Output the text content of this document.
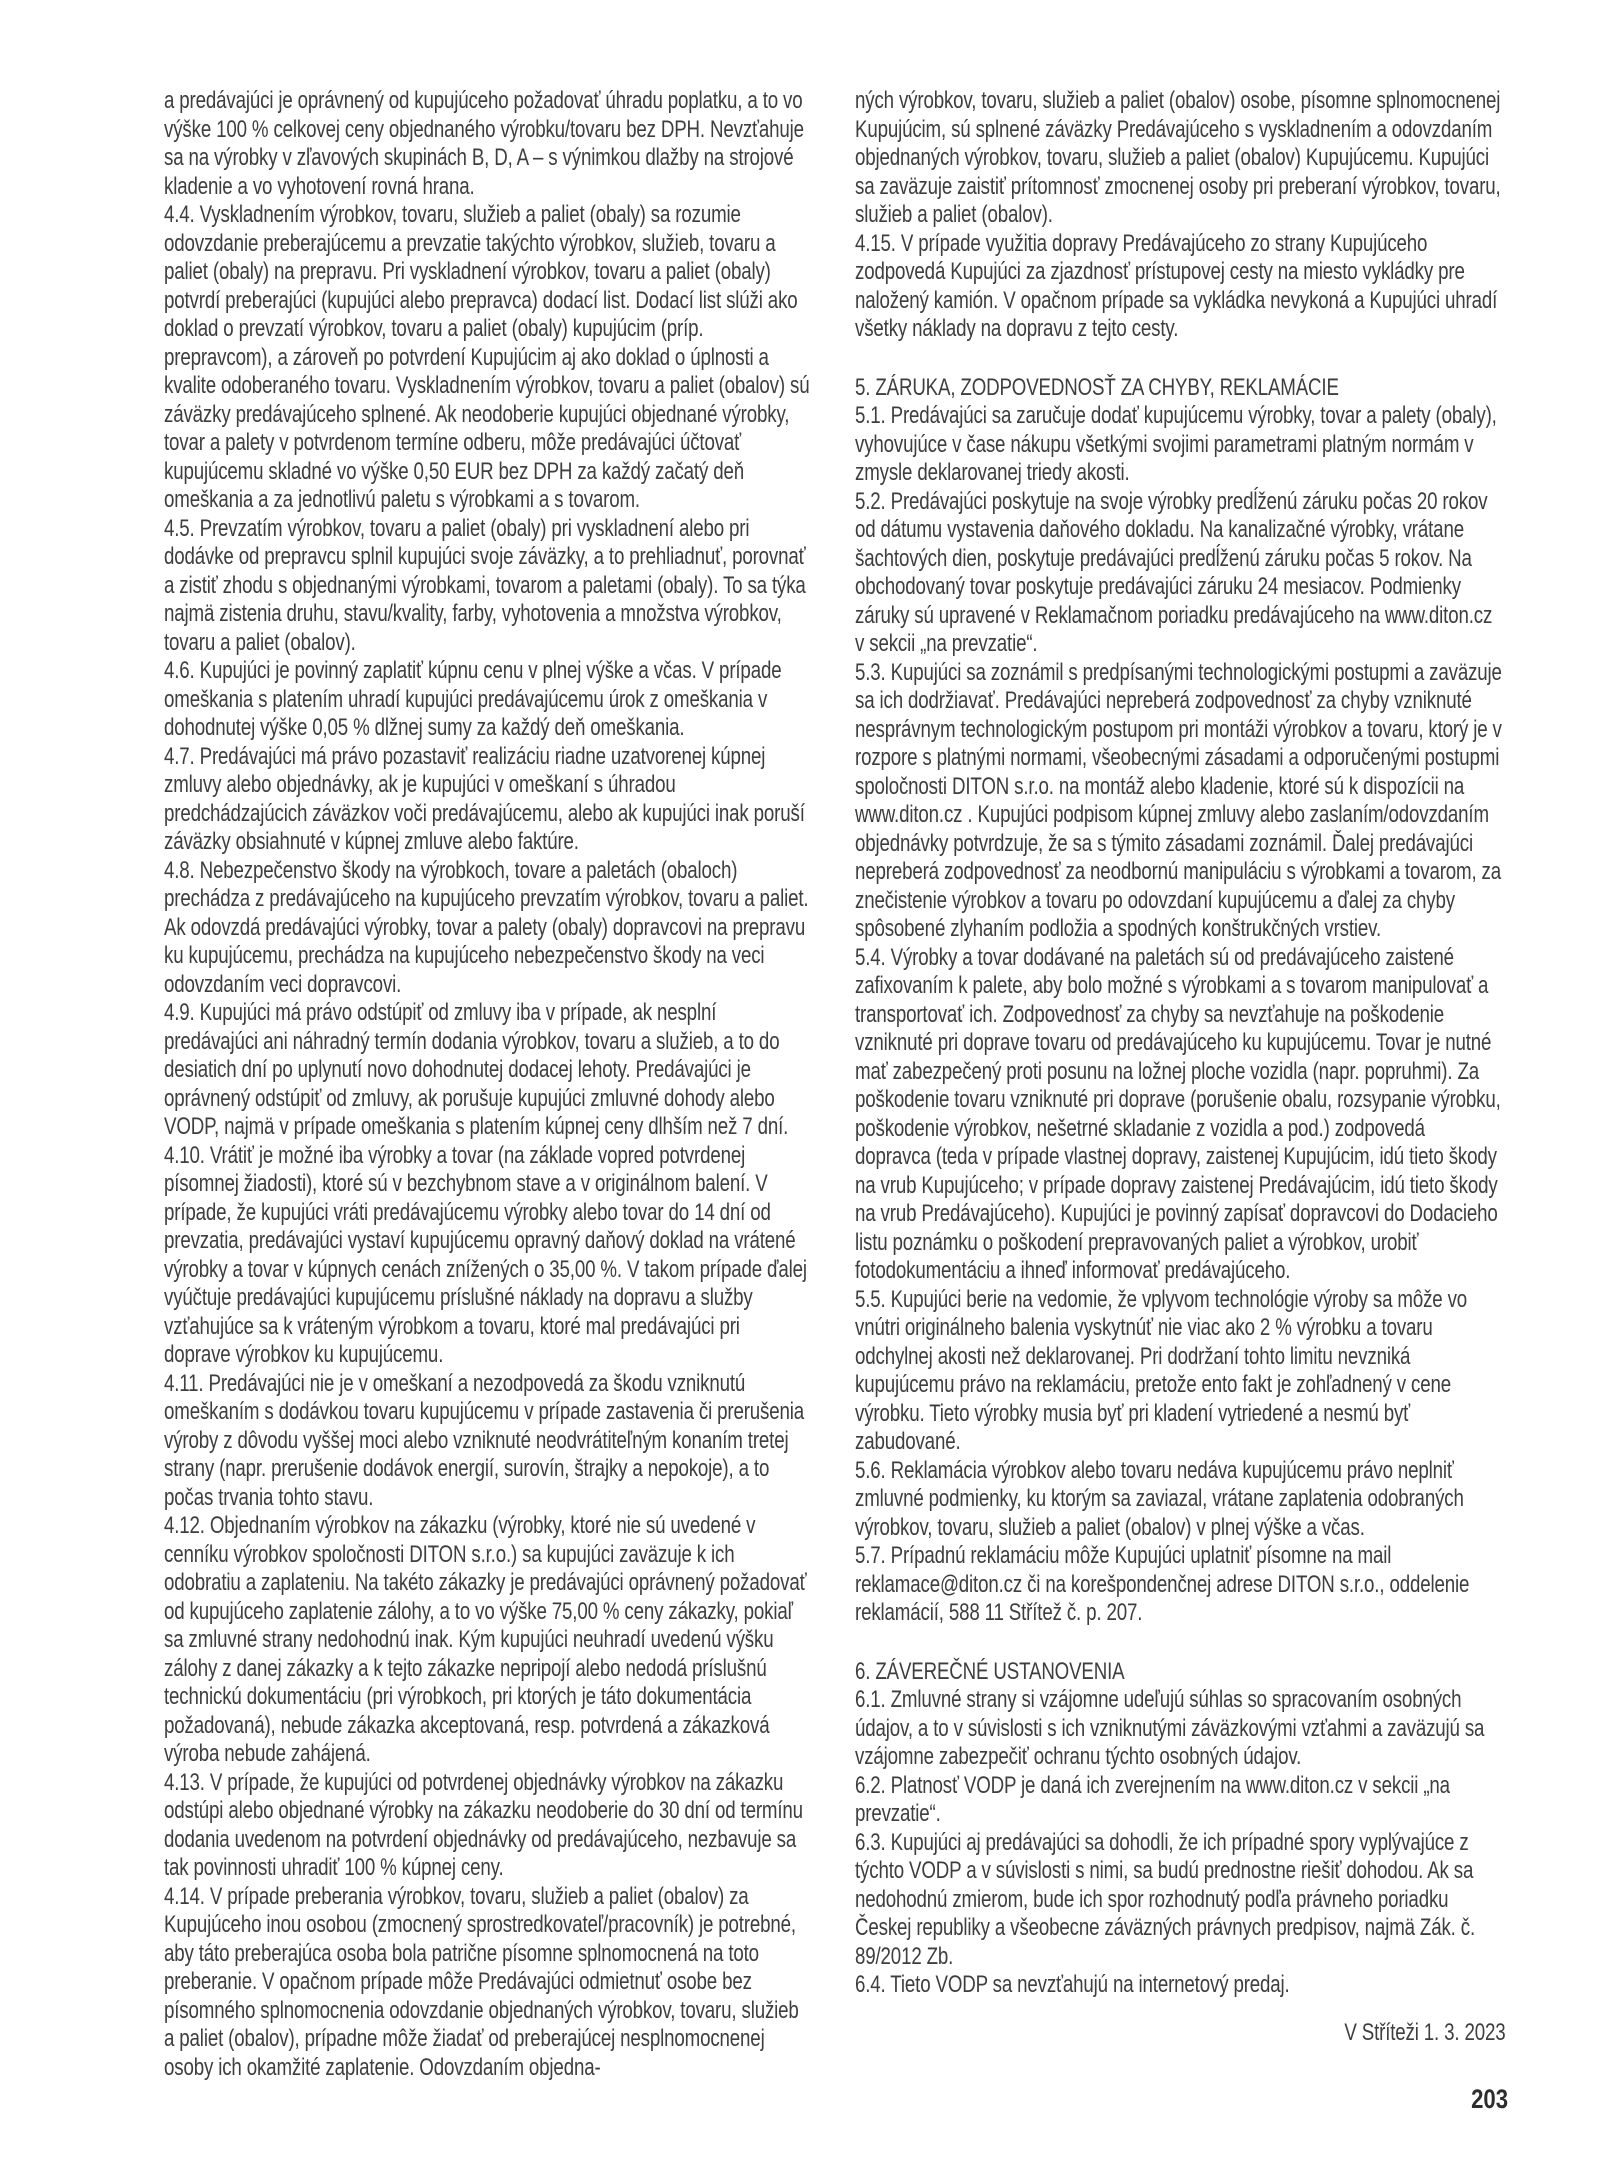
a predávajúci je oprávnený od kupujúceho požadovať úhradu poplatku, a to vo výške 100 % celkovej ceny objednaného výrobku/tovaru bez DPH. Nevzťahuje sa na výrobky v zľavových skupinách B, D, A – s výnimkou dlažby na strojové kladenie a vo vyhotovení rovná hrana.

4.4. Vyskladnením výrobkov, tovaru, služieb a paliet (obaly) sa rozumie odovzdanie preberajúcemu a prevzatie takýchto výrobkov, služieb, tovaru a paliet (obaly) na prepravu. Pri vyskladnení výrobkov, tovaru a paliet (obaly) potvrdí preberajúci (kupujúci alebo prepravca) dodací list. Dodací list slúži ako doklad o prevzatí výrobkov, tovaru a paliet (obaly) kupujúcim (príp. prepravcom), a zároveň po potvrdení Kupujúcim aj ako doklad o úplnosti a kvalite odoberaného tovaru. Vyskladnením výrobkov, tovaru a paliet (obalov) sú záväzky predávajúceho splnené. Ak neodoberie kupujúci objednané výrobky, tovar a palety v potvrdenom termíne odberu, môže predávajúci účtovať kupujúcemu skladné vo výške 0,50 EUR bez DPH za každý začatý deň omeškania a za jednotlivú paletu s výrobkami a s tovarom.

4.5. Prevzatím výrobkov, tovaru a paliet (obaly) pri vyskladnení alebo pri dodávke od prepravcu splnil kupujúci svoje záväzky, a to prehliadnuť, porovnať a zistiť zhodu s objednanými výrobkami, tovarom a paletami (obaly). To sa týka najmä zistenia druhu, stavu/kvality, farby, vyhotovenia a množstva výrobkov, tovaru a paliet (obalov).

4.6. Kupujúci je povinný zaplatiť kúpnu cenu v plnej výške a včas. V prípade omeškania s platením uhradí kupujúci predávajúcemu úrok z omeškania v dohodnutej výške 0,05 % dlžnej sumy za každý deň omeškania.

4.7. Predávajúci má právo pozastaviť realizáciu riadne uzatvorenej kúpnej zmluvy alebo objednávky, ak je kupujúci v omeškaní s úhradou predchádzajúcich záväzkov voči predávajúcemu, alebo ak kupujúci inak poruší záväzky obsiahnuté v kúpnej zmluve alebo faktúre.

4.8. Nebezpečenstvo škody na výrobkoch, tovare a paletách (obaloch) prechádza z predávajúceho na kupujúceho prevzatím výrobkov, tovaru a paliet. Ak odovzdá predávajúci výrobky, tovar a palety (obaly) dopravcovi na prepravu ku kupujúcemu, prechádza na kupujúceho nebezpečenstvo škody na veci odovzdaním veci dopravcovi.

4.9. Kupujúci má právo odstúpiť od zmluvy iba v prípade, ak nesplní predávajúci ani náhradný termín dodania výrobkov, tovaru a služieb, a to do desiatich dní po uplynutí novo dohodnutej dodacej lehoty. Predávajúci je oprávnený odstúpiť od zmluvy, ak porušuje kupujúci zmluvné dohody alebo VODP, najmä v prípade omeškania s platením kúpnej ceny dlhším než 7 dní.

4.10. Vrátiť je možné iba výrobky a tovar (na základe vopred potvrdenej písomnej žiadosti), ktoré sú v bezchybnom stave a v originálnom balení. V prípade, že kupujúci vráti predávajúcemu výrobky alebo tovar do 14 dní od prevzatia, predávajúci vystaví kupujúcemu opravný daňový doklad na vrátené výrobky a tovar v kúpnych cenách znížených o 35,00 %. V takom prípade ďalej vyúčtuje predávajúci kupujúcemu príslušné náklady na dopravu a služby vzťahujúce sa k vráteným výrobkom a tovaru, ktoré mal predávajúci pri doprave výrobkov ku kupujúcemu.

4.11. Predávajúci nie je v omeškaní a nezodpovedá za škodu vzniknutú omeškaním s dodávkou tovaru kupujúcemu v prípade zastavenia či prerušenia výroby z dôvodu vyššej moci alebo vzniknuté neodvrátiteľným konaním tretej strany (napr. prerušenie dodávok energií, surovín, štrajky a nepokoje), a to počas trvania tohto stavu.

4.12. Objednaním výrobkov na zákazku (výrobky, ktoré nie sú uvedené v cenníku výrobkov spoločnosti DITON s.r.o.) sa kupujúci zaväzuje k ich odobratiu a zaplateniu. Na takéto zákazky je predávajúci oprávnený požadovať od kupujúceho zaplatenie zálohy, a to vo výške 75,00 % ceny zákazky, pokiaľ sa zmluvné strany nedohodnú inak. Kým kupujúci neuhradí uvedenú výšku zálohy z danej zákazky a k tejto zákazke nepripojí alebo nedodá príslušnú technickú dokumentáciu (pri výrobkoch, pri ktorých je táto dokumentácia požadovaná), nebude zákazka akceptovaná, resp. potvrdená a zákazková výroba nebude zahájená.

4.13. V prípade, že kupujúci od potvrdenej objednávky výrobkov na zákazku odstúpi alebo objednané výrobky na zákazku neodoberie do 30 dní od termínu dodania uvedenom na potvrdení objednávky od predávajúceho, nezbavuje sa tak povinnosti uhradiť 100 % kúpnej ceny.

4.14. V prípade preberania výrobkov, tovaru, služieb a paliet (obalov) za Kupujúceho inou osobou (zmocnený sprostredkovateľ/pracovník) je potrebné, aby táto preberajúca osoba bola patrične písomne splnomocnená na toto preberanie. V opačnom prípade môže Predávajúci odmietnuť osobe bez písomného splnomocnenia odovzdanie objednaných výrobkov, tovaru, služieb a paliet (obalov), prípadne môže žiadať od preberajúcej nesplnomocnenej osoby ich okamžité zaplatenie. Odovzdaním objedna-

ných výrobkov, tovaru, služieb a paliet (obalov) osobe, písomne splnomocnenej Kupujúcim, sú splnené záväzky Predávajúceho s vyskladnením a odovzdaním objednaných výrobkov, tovaru, služieb a paliet (obalov) Kupujúcemu. Kupujúci sa zaväzuje zaistiť prítomnosť zmocnenej osoby pri preberaní výrobkov, tovaru, služieb a paliet (obalov).

4.15. V prípade využitia dopravy Predávajúceho zo strany Kupujúceho zodpovedá Kupujúci za zjazdnosť prístupovej cesty na miesto vykládky pre naložený kamión. V opačnom prípade sa vykládka nevykoná a Kupujúci uhradí všetky náklady na dopravu z tejto cesty.

5. ZÁRUKA, ZODPOVEDNOSŤ ZA CHYBY, REKLAMÁCIE

5.1. Predávajúci sa zaručuje dodať kupujúcemu výrobky, tovar a palety (obaly), vyhovujúce v čase nákupu všetkými svojimi parametrami platným normám v zmysle deklarovanej triedy akosti.

5.2. Predávajúci poskytuje na svoje výrobky predĺženú záruku počas 20 rokov od dátumu vystavenia daňového dokladu. Na kanalizačné výrobky, vrátane šachtových dien, poskytuje predávajúci predĺženú záruku počas 5 rokov. Na obchodovaný tovar poskytuje predávajúci záruku 24 mesiacov. Podmienky záruky sú upravené v Reklamačnom poriadku predávajúceho na www.diton.cz v sekcii „na prevzatie“.

5.3. Kupujúci sa zoznámil s predpísanými technologickými postupmi a zaväzuje sa ich dodržiavať. Predávajúci nepreberá zodpovednosť za chyby vzniknuté nesprávnym technologickým postupom pri montáži výrobkov a tovaru, ktorý je v rozpore s platnými normami, všeobecnými zásadami a odporučenými postupmi spoločnosti DITON s.r.o. na montáž alebo kladenie, ktoré sú k dispozícii na www.diton.cz . Kupujúci podpisom kúpnej zmluvy alebo zaslaním/odovzdaním objednávky potvrdzuje, že sa s týmito zásadami zoznámil. Ďalej predávajúci nepreberá zodpovednosť za neodbornú manipuláciu s výrobkami a tovarom, za znečistenie výrobkov a tovaru po odovzdaní kupujúcemu a ďalej za chyby spôsobené zlyhaním podložia a spodných konštrukčných vrstiev.

5.4. Výrobky a tovar dodávané na paletách sú od predávajúceho zaistené zafixovaním k palete, aby bolo možné s výrobkami a s tovarom manipulovať a transportovať ich. Zodpovednosť za chyby sa nevzťahuje na poškodenie vzniknuté pri doprave tovaru od predávajúceho ku kupujúcemu. Tovar je nutné mať zabezpečený proti posunu na ložnej ploche vozidla (napr. popruhmi). Za poškodenie tovaru vzniknuté pri doprave (porušenie obalu, rozsypanie výrobku, poškodenie výrobkov, nešetrné skladanie z vozidla a pod.) zodpovedá dopravca (teda v prípade vlastnej dopravy, zaistenej Kupujúcim, idú tieto škody na vrub Kupujúceho; v prípade dopravy zaistenej Predávajúcim, idú tieto škody na vrub Predávajúceho). Kupujúci je povinný zapísať dopravcovi do Dodacieho listu poznámku o poškodení prepravovaných paliet a výrobkov, urobiť fotodokumentáciu a ihneď informovať predávajúceho.

5.5. Kupujúci berie na vedomie, že vplyvom technológie výroby sa môže vo vnútri originálneho balenia vyskytnúť nie viac ako 2 % výrobku a tovaru odchylnej akosti než deklarovanej. Pri dodržaní tohto limitu nevzniká kupujúcemu právo na reklamáciu, pretože ento fakt je zohľadnený v cene výrobku. Tieto výrobky musia byť pri kladení vytriedené a nesmú byť zabudované.

5.6. Reklamácia výrobkov alebo tovaru nedáva kupujúcemu právo neplniť zmluvné podmienky, ku ktorým sa zaviazal, vrátane zaplatenia odobraných výrobkov, tovaru, služieb a paliet (obalov) v plnej výške a včas.

5.7. Prípadnú reklamáciu môže Kupujúci uplatniť písomne na mail reklamace@diton.cz či na korešpondenčnej adrese DITON s.r.o., oddelenie reklamácií, 588 11 Střítež č. p. 207.

6. ZÁVEREČNÉ USTANOVENIA

6.1. Zmluvné strany si vzájomne udeľujú súhlas so spracovaním osobných údajov, a to v súvislosti s ich vzniknutými záväzkovými vzťahmi a zaväzujú sa vzájomne zabezpečiť ochranu týchto osobných údajov.

6.2. Platnosť VODP je daná ich zverejnením na www.diton.cz v sekcii „na prevzatie“.

6.3. Kupujúci aj predávajúci sa dohodli, že ich prípadné spory vyplývajúce z týchto VODP a v súvislosti s nimi, sa budú prednostne riešiť dohodou. Ak sa nedohodnú zmierom, bude ich spor rozhodnutý podľa právneho poriadku Českej republiky a všeobecne záväzných právnych predpisov, najmä Zák. č. 89/2012 Zb.

6.4. Tieto VODP sa nevzťahujú na internetový predaj.

V Stříteži 1. 3. 2023

203
